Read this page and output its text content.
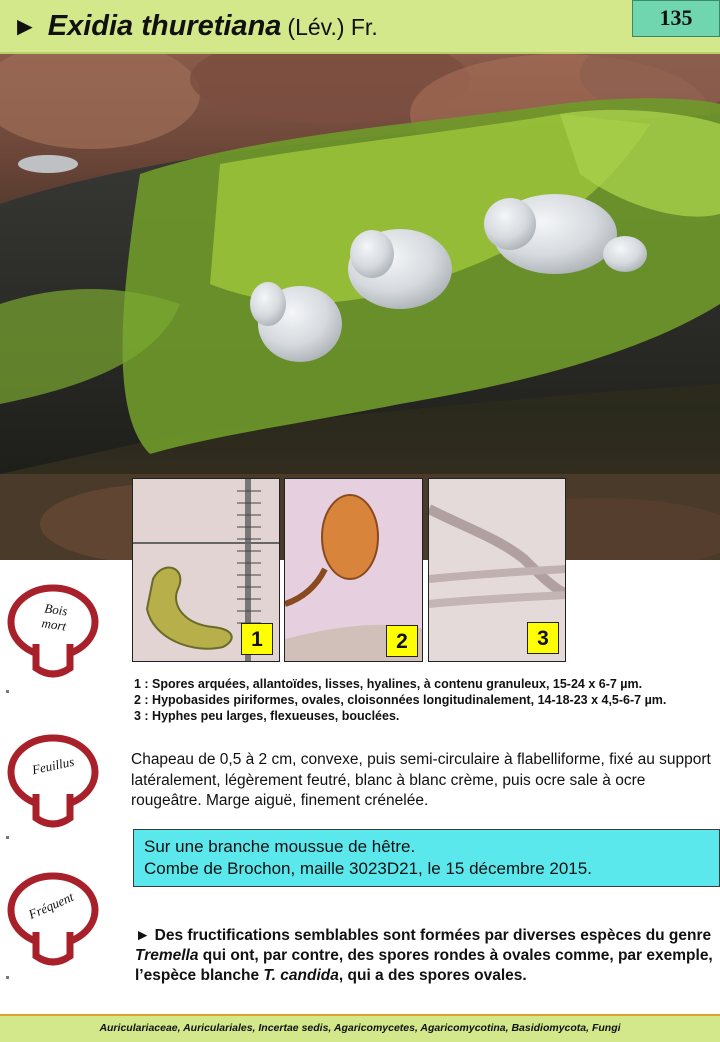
► Exidia thuretiana (Lév.) Fr.	135
1	2	3
Bois
mort
Feuillus
Fréquent
1 : Spores arquées, allantoïdes, lisses, hyalines, à contenu granuleux, 15-24 x 6-7 µm.
2 : Hypobasides piriformes, ovales, cloisonnées longitudinalement, 14-18-23 x 4,5-6-7 µm.
3 : Hyphes peu larges, flexueuses, bouclées.
Chapeau de 0,5 à 2 cm, convexe, puis semi-circulaire à flabelliforme, fixé au support latéralement, légèrement feutré, blanc à blanc crème, puis ocre sale à ocre rougeâtre. Marge aiguë, finement crénelée.
Sur une branche moussue de hêtre.
Combe de Brochon, maille 3023D21, le 15 décembre 2015.
► Des fructifications semblables sont formées par diverses espèces du genre Tremella qui ont, par contre, des spores rondes à ovales comme, par exemple, l’espèce blanche T. candida, qui a des spores ovales.
Auriculariaceae, Auriculariales, Incertae sedis, Agaricomycetes, Agaricomycotina, Basidiomycota, Fungi
